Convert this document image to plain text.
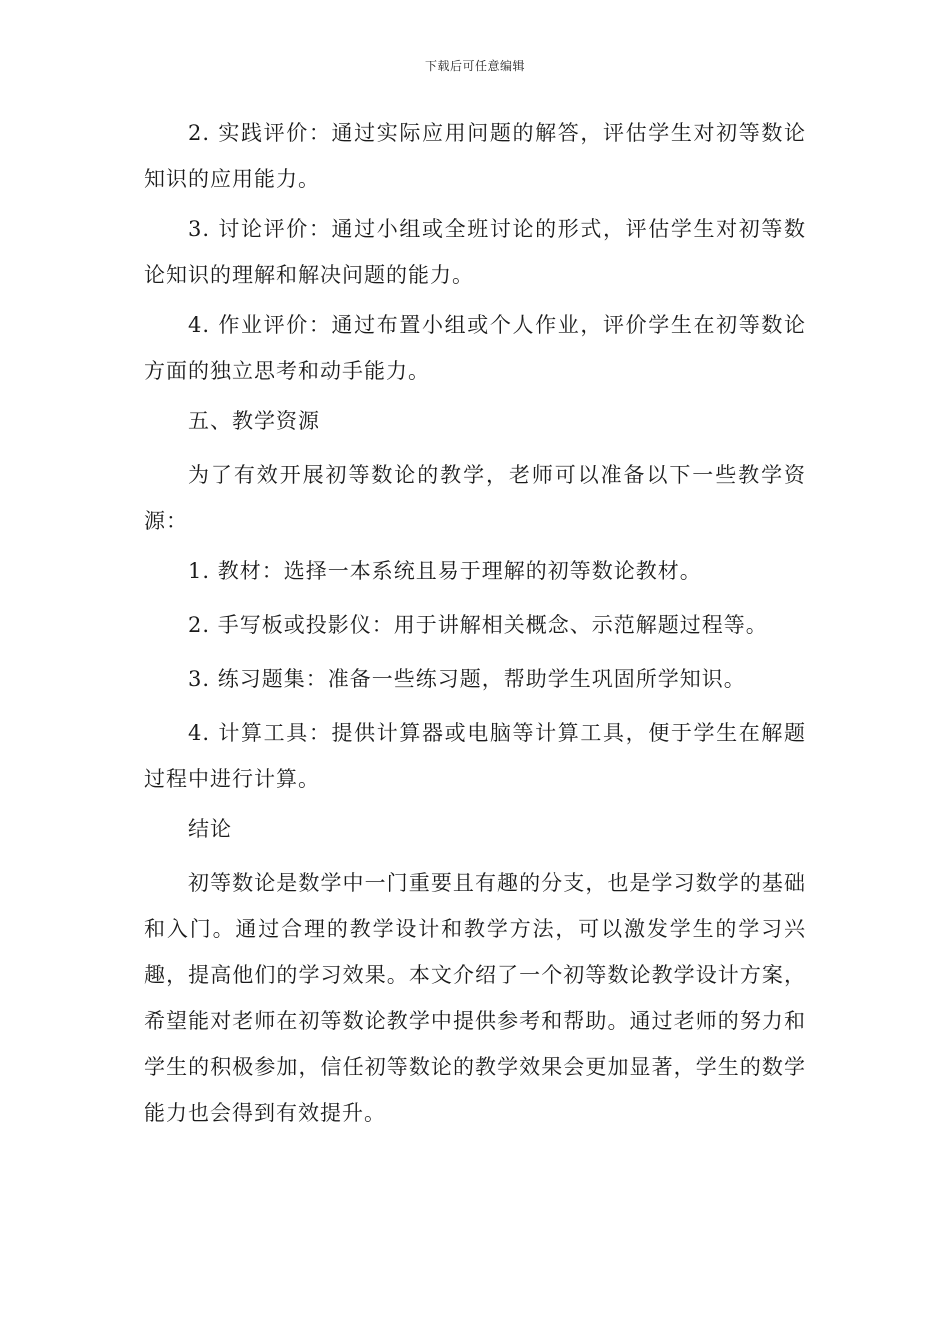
下载后可任意编辑

2. 实践评价：通过实际应用问题的解答，评估学生对初等数论知识的应用能力。

3. 讨论评价：通过小组或全班讨论的形式，评估学生对初等数论知识的理解和解决问题的能力。

4. 作业评价：通过布置小组或个人作业，评价学生在初等数论方面的独立思考和动手能力。

五、教学资源

为了有效开展初等数论的教学，老师可以准备以下一些教学资源：

1. 教材：选择一本系统且易于理解的初等数论教材。

2. 手写板或投影仪：用于讲解相关概念、示范解题过程等。

3. 练习题集：准备一些练习题，帮助学生巩固所学知识。

4. 计算工具：提供计算器或电脑等计算工具，便于学生在解题过程中进行计算。

结论

初等数论是数学中一门重要且有趣的分支，也是学习数学的基础和入门。通过合理的教学设计和教学方法，可以激发学生的学习兴趣，提高他们的学习效果。本文介绍了一个初等数论教学设计方案，希望能对老师在初等数论教学中提供参考和帮助。通过老师的努力和学生的积极参加，信任初等数论的教学效果会更加显著，学生的数学能力也会得到有效提升。
